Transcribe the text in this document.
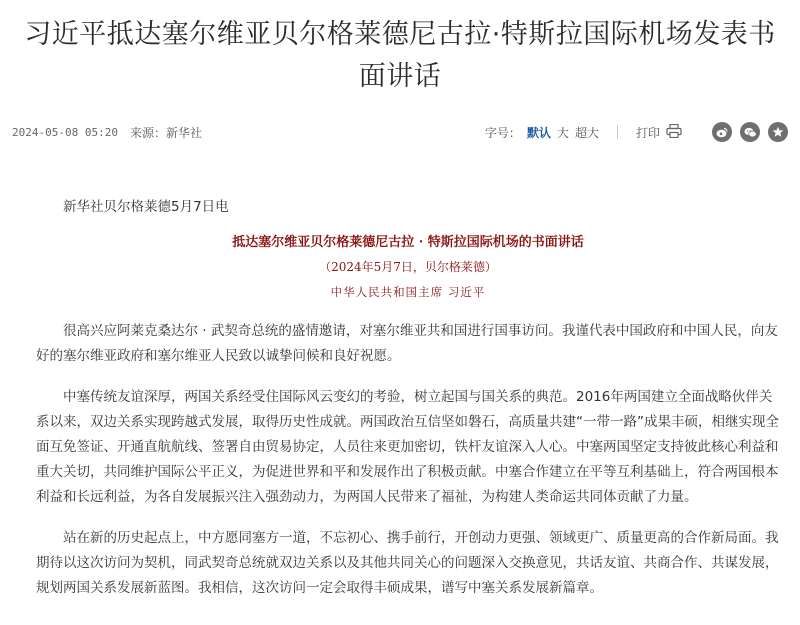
习近平抵达塞尔维亚贝尔格莱德尼古拉·特斯拉国际机场发表书面讲话
2024-05-08 05:20 来源：新华社	字号： 默认 大 超大	打印

　　新华社贝尔格莱德5月7日电

抵达塞尔维亚贝尔格莱德尼古拉 · 特斯拉国际机场的书面讲话

（2024年5月7日，贝尔格莱德）

中华人民共和国主席 习近平

　　很高兴应阿莱克桑达尔 · 武契奇总统的盛情邀请，对塞尔维亚共和国进行国事访问。我谨代表中国政府和中国人民，向友好的塞尔维亚政府和塞尔维亚人民致以诚挚问候和良好祝愿。

　　中塞传统友谊深厚，两国关系经受住国际风云变幻的考验，树立起国与国关系的典范。2016年两国建立全面战略伙伴关系以来，双边关系实现跨越式发展，取得历史性成就。两国政治互信坚如磐石，高质量共建“一带一路”成果丰硕，相继实现全面互免签证、开通直航航线、签署自由贸易协定，人员往来更加密切，铁杆友谊深入人心。中塞两国坚定支持彼此核心利益和重大关切，共同维护国际公平正义，为促进世界和平和发展作出了积极贡献。中塞合作建立在平等互利基础上，符合两国根本利益和长远利益，为各自发展振兴注入强劲动力，为两国人民带来了福祉，为构建人类命运共同体贡献了力量。

　　站在新的历史起点上，中方愿同塞方一道，不忘初心、携手前行，开创动力更强、领域更广、质量更高的合作新局面。我期待以这次访问为契机，同武契奇总统就双边关系以及其他共同关心的问题深入交换意见，共话友谊、共商合作、共谋发展，规划两国关系发展新蓝图。我相信，这次访问一定会取得丰硕成果，谱写中塞关系发展新篇章。
